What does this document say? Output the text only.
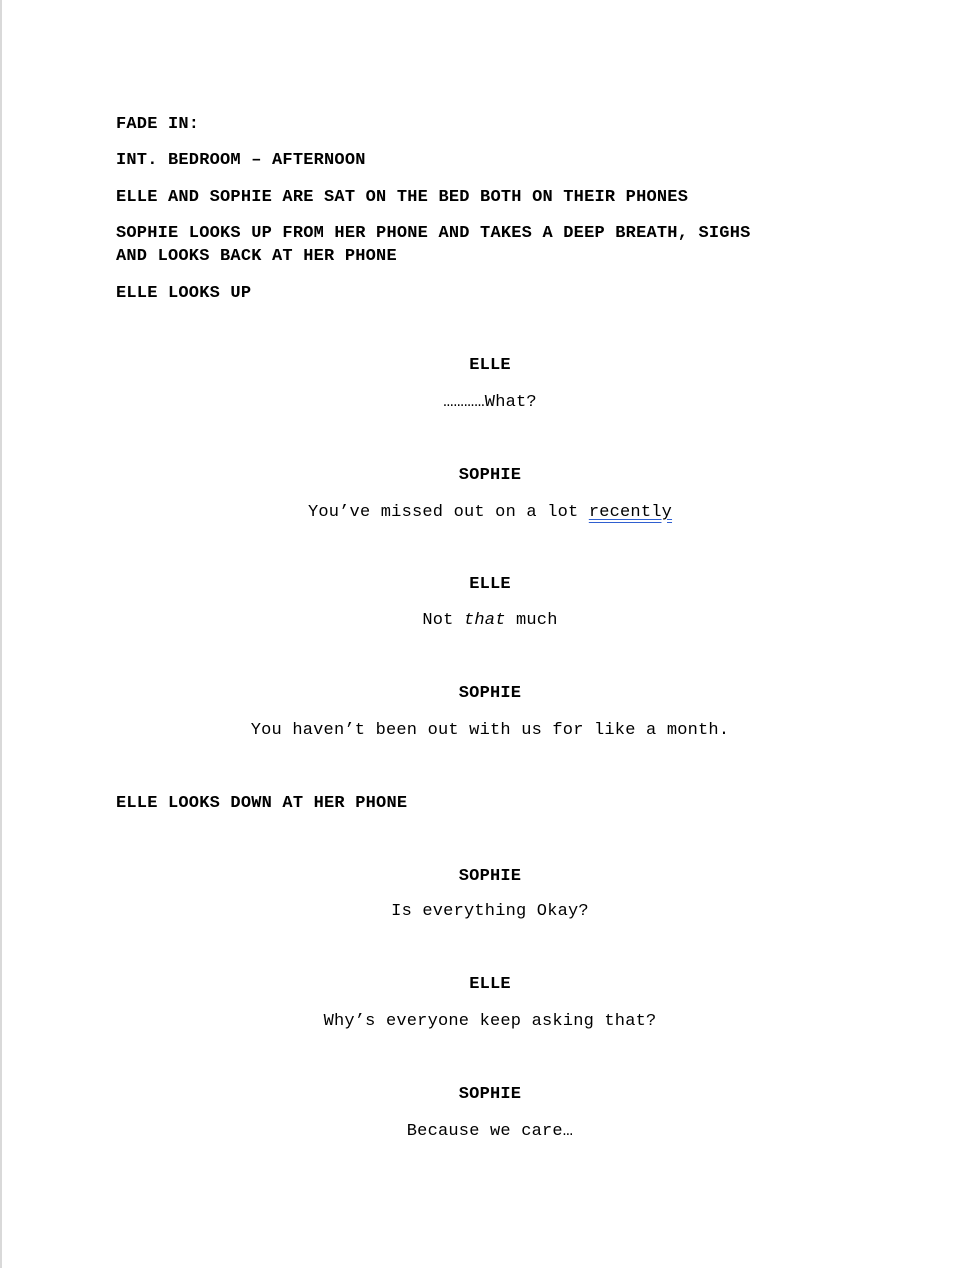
FADE IN:
INT. BEDROOM – AFTERNOON
ELLE AND SOPHIE ARE SAT ON THE BED BOTH ON THEIR PHONES
SOPHIE LOOKS UP FROM HER PHONE AND TAKES A DEEP BREATH, SIGHS
AND LOOKS BACK AT HER PHONE
ELLE LOOKS UP
ELLE
…………What?
SOPHIE
You’ve missed out on a lot recently
ELLE
Not that much
SOPHIE
You haven’t been out with us for like a month.
ELLE LOOKS DOWN AT HER PHONE
SOPHIE
Is everything Okay?
ELLE
Why’s everyone keep asking that?
SOPHIE
Because we care…
